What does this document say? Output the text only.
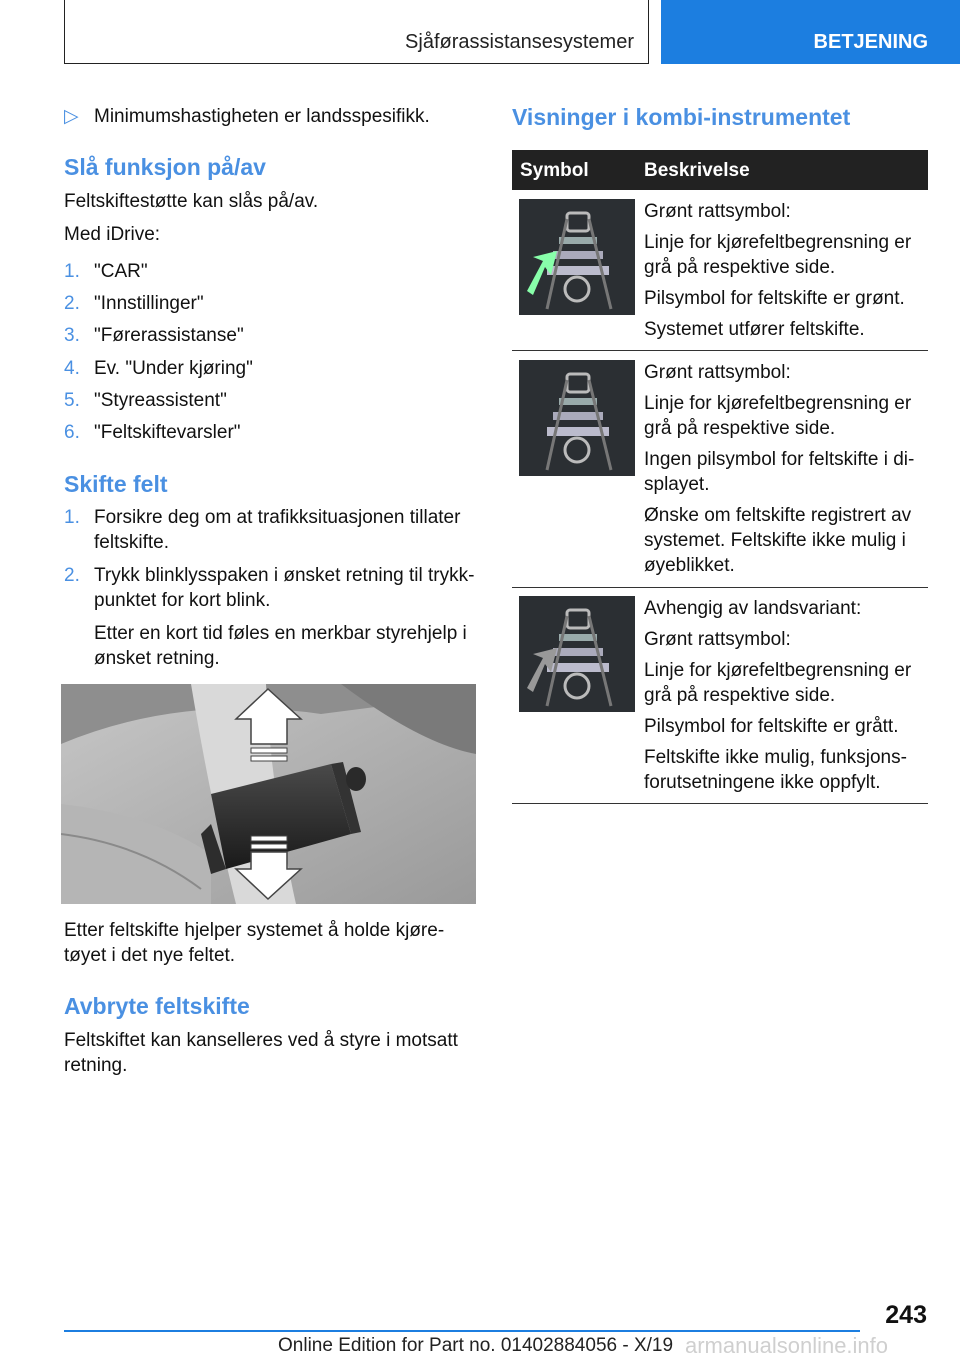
Sjåførassistansesystemer	BETJENING
▷ Minimumshastigheten er landsspesifikk.
Slå funksjon på/av
Feltskiftestøtte kan slås på/av.
Med iDrive:
1. "CAR"
2. "Innstillinger"
3. "Førerassistanse"
4. Ev. "Under kjøring"
5. "Styreassistent"
6. "Feltskiftevarsler"
Skifte felt
1. Forsikre deg om at trafikksituasjonen tillater feltskifte.
2. Trykk blinklysspaken i ønsket retning til trykk-punktet for kort blink.
Etter en kort tid føles en merkbar styrehjelp i ønsket retning.
Etter feltskifte hjelper systemet å holde kjøre-tøyet i det nye feltet.
Avbryte feltskifte
Feltskiftet kan kanselleres ved å styre i motsatt retning.
Visninger i kombi-instrumentet
Symbol	Beskrivelse

Grønt rattsymbol:

Linje for kjørefeltbegrensning er grå på respektive side.

Pilsymbol for feltskifte er grønt.

Systemet utfører feltskifte.

Grønt rattsymbol:

Linje for kjørefeltbegrensning er grå på respektive side.

Ingen pilsymbol for feltskifte i di-splayet.

Ønske om feltskifte registrert av systemet. Feltskifte ikke mulig i øyeblikket.

Avhengig av landsvariant:

Grønt rattsymbol:

Linje for kjørefeltbegrensning er grå på respektive side.

Pilsymbol for feltskifte er grått.

Feltskifte ikke mulig, funksjons-forutsetningene ikke oppfylt.

243
Online Edition for Part no. 01402884056 - X/19 armanualsonline.info
